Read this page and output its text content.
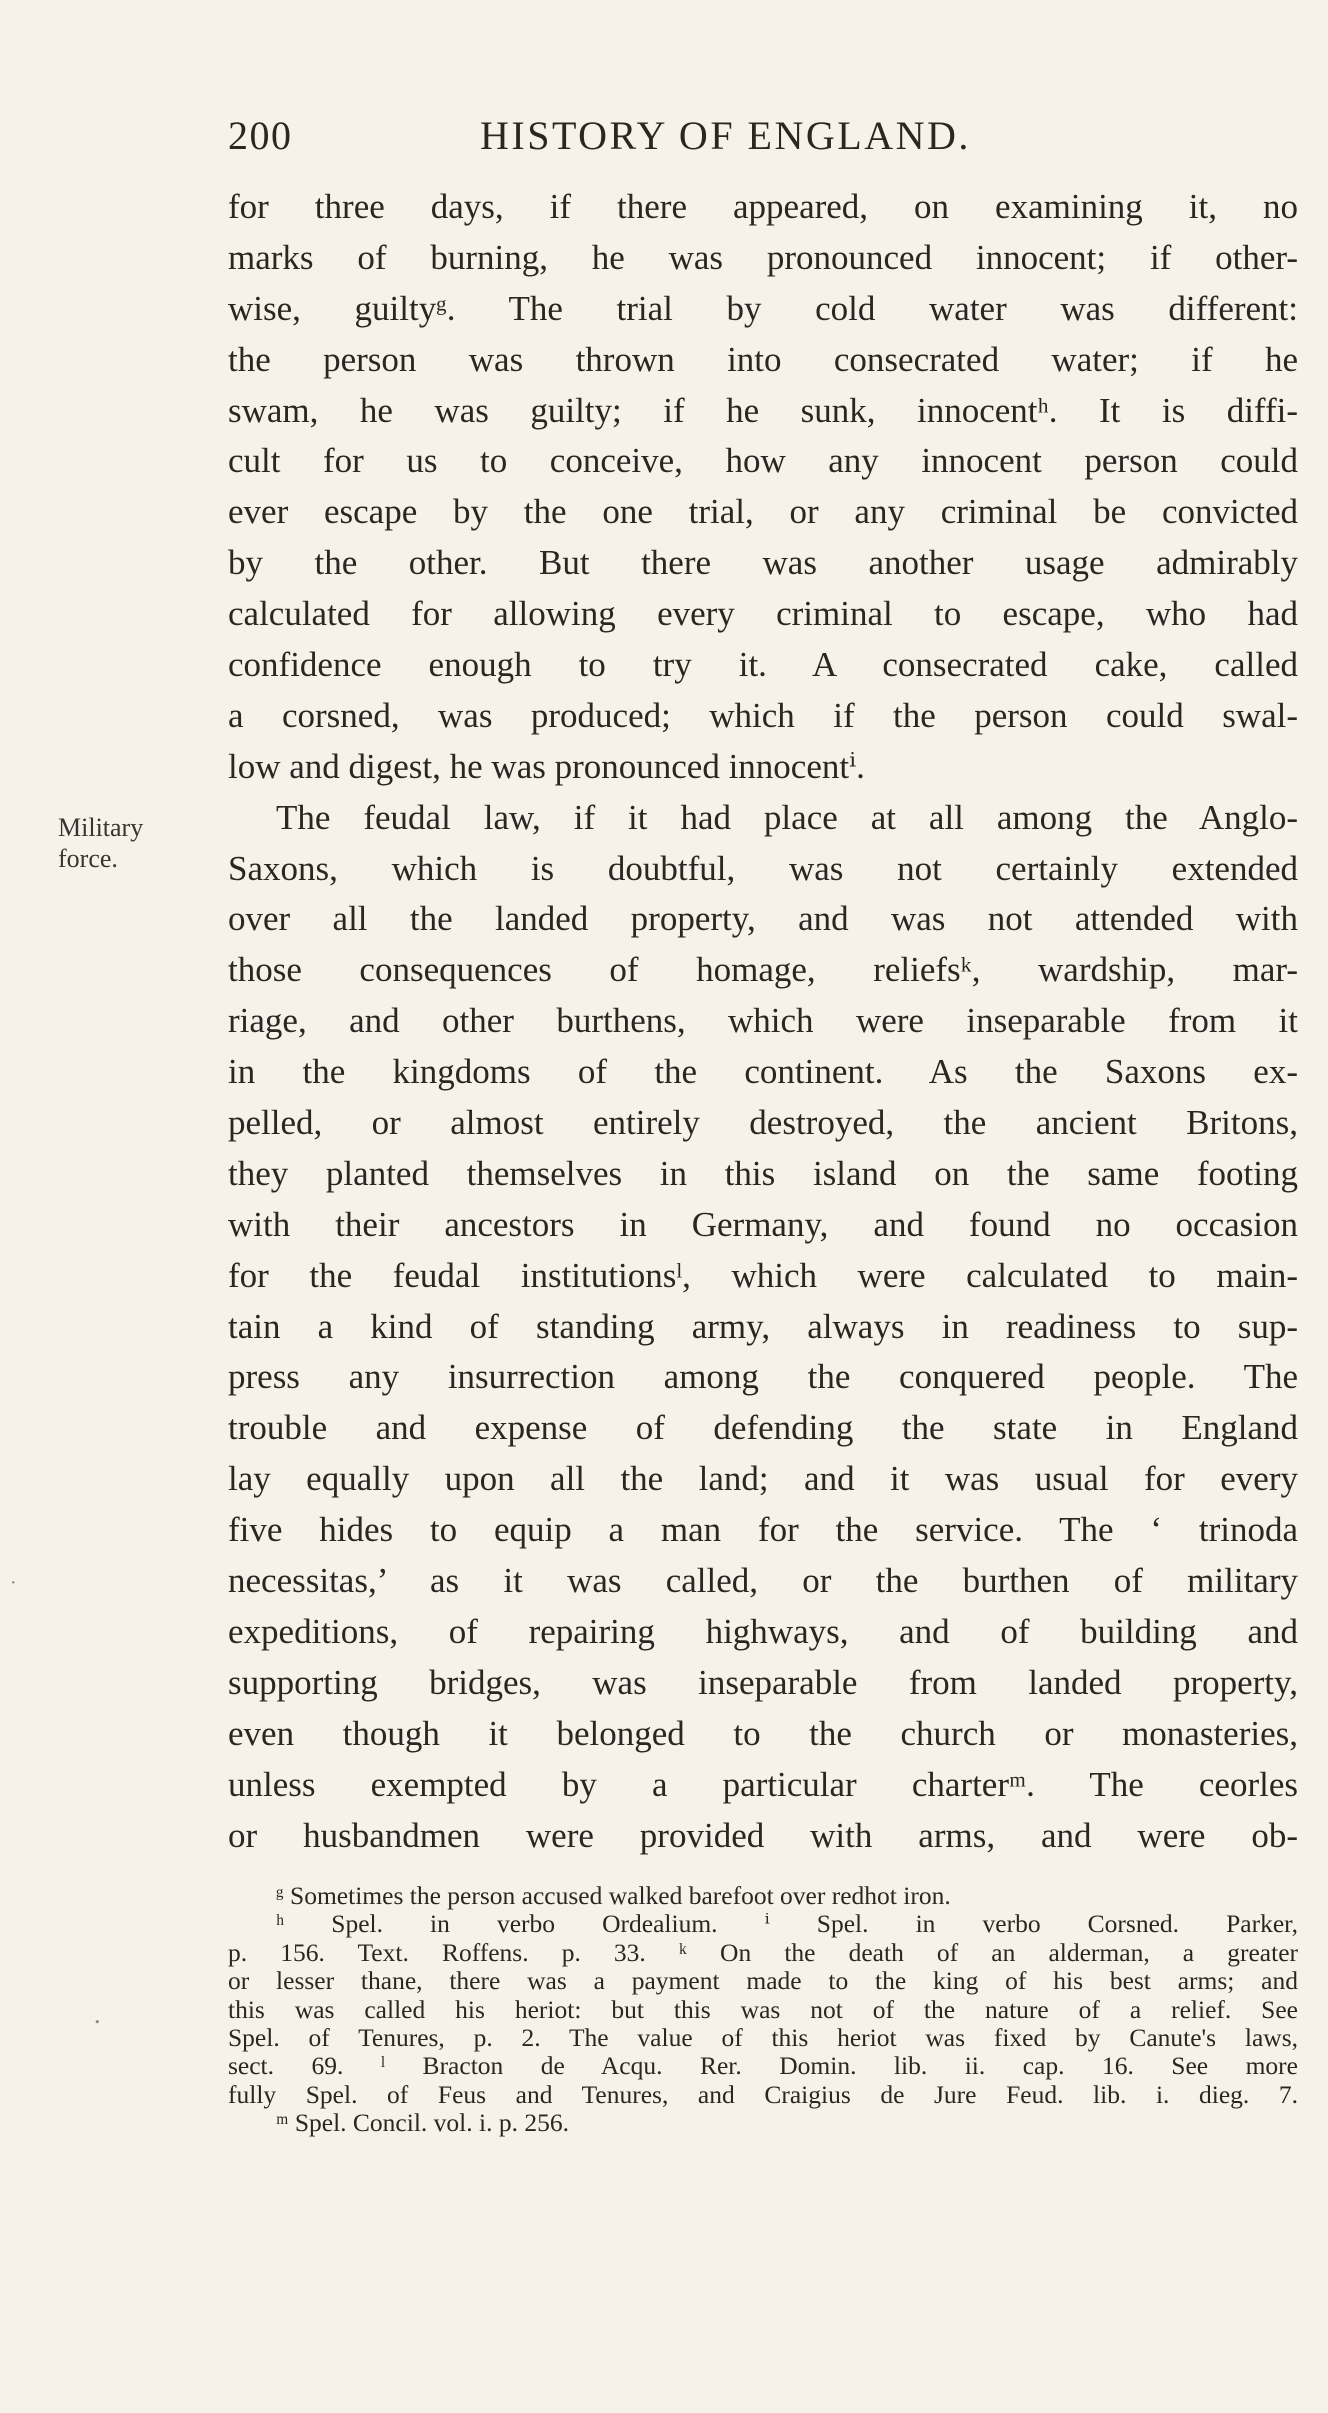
200	HISTORY OF ENGLAND.
Military
force.
for three days, if there appeared, on examining it, no
marks of burning, he was pronounced innocent; if other-
wise, guiltyᵍ. The trial by cold water was different:
the person was thrown into consecrated water; if he
swam, he was guilty; if he sunk, innocentʰ. It is diffi-
cult for us to conceive, how any innocent person could
ever escape by the one trial, or any criminal be convicted
by the other. But there was another usage admirably
calculated for allowing every criminal to escape, who had
confidence enough to try it. A consecrated cake, called
a corsned, was produced; which if the person could swal-
low and digest, he was pronounced innocentⁱ.
The feudal law, if it had place at all among the Anglo-
Saxons, which is doubtful, was not certainly extended
over all the landed property, and was not attended with
those consequences of homage, reliefsᵏ, wardship, mar-
riage, and other burthens, which were inseparable from it
in the kingdoms of the continent. As the Saxons ex-
pelled, or almost entirely destroyed, the ancient Britons,
they planted themselves in this island on the same footing
with their ancestors in Germany, and found no occasion
for the feudal institutionsˡ, which were calculated to main-
tain a kind of standing army, always in readiness to sup-
press any insurrection among the conquered people. The
trouble and expense of defending the state in England
lay equally upon all the land; and it was usual for every
five hides to equip a man for the service. The ‘ trinoda
necessitas,’ as it was called, or the burthen of military
expeditions, of repairing highways, and of building and
supporting bridges, was inseparable from landed property,
even though it belonged to the church or monasteries,
unless exempted by a particular charterᵐ. The ceorles
or husbandmen were provided with arms, and were ob-
ᵍ Sometimes the person accused walked barefoot over redhot iron.
ʰ Spel. in verbo Ordealium. ⁱ Spel. in verbo Corsned. Parker,
p. 156. Text. Roffens. p. 33. ᵏ On the death of an alderman, a greater
or lesser thane, there was a payment made to the king of his best arms; and
this was called his heriot: but this was not of the nature of a relief. See
Spel. of Tenures, p. 2. The value of this heriot was fixed by Canute's laws,
sect. 69. ˡ Bracton de Acqu. Rer. Domin. lib. ii. cap. 16. See more
fully Spel. of Feus and Tenures, and Craigius de Jure Feud. lib. i. dieg. 7.
ᵐ Spel. Concil. vol. i. p. 256.
·
.
